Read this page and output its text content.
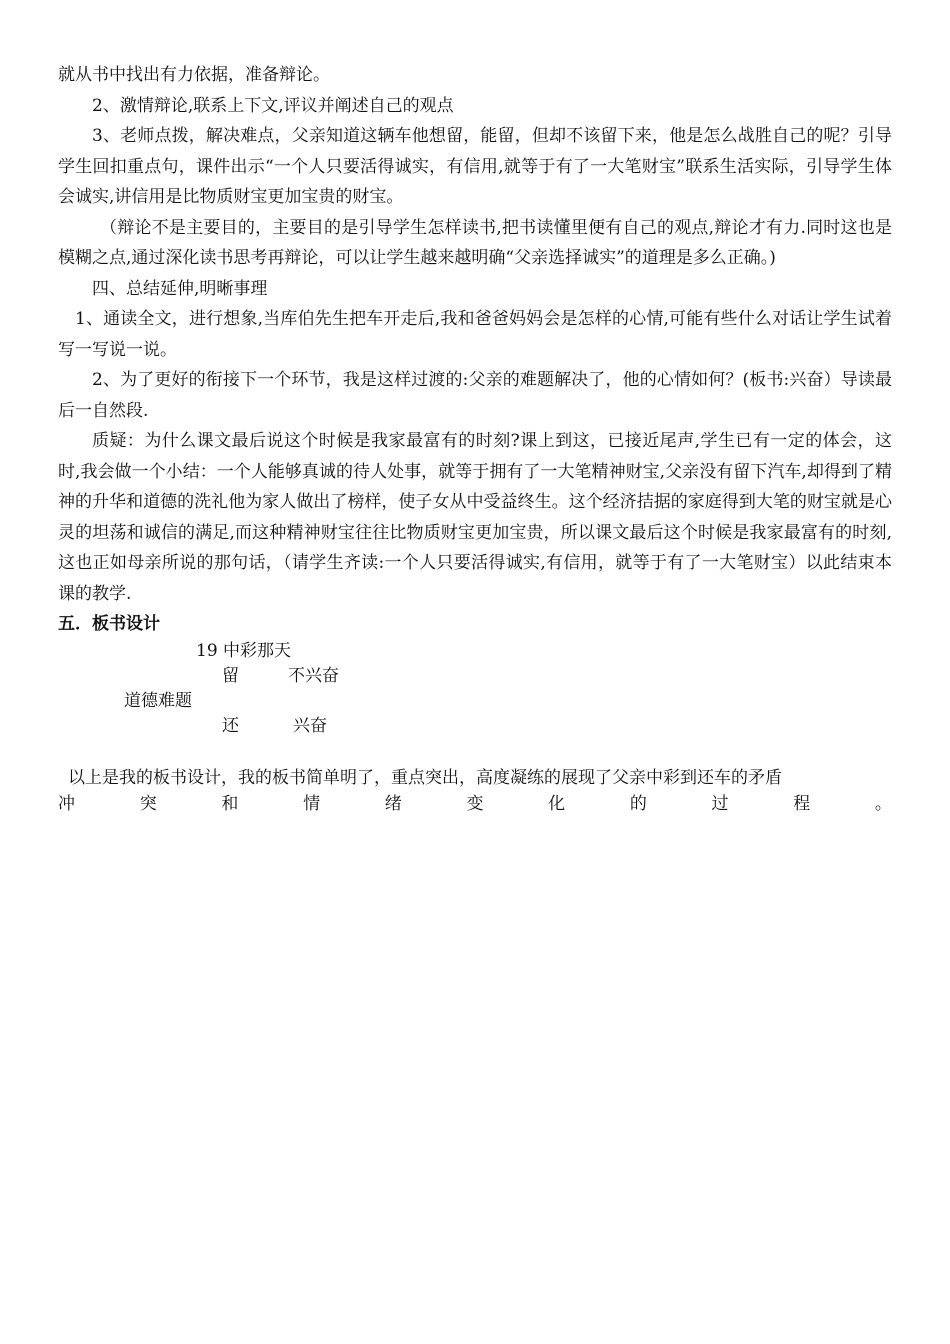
就从书中找出有力依据，准备辩论。

2、激情辩论,联系上下文,评议并阐述自己的观点

3、老师点拨，解决难点，父亲知道这辆车他想留，能留，但却不该留下来，他是怎么战胜自己的呢？引导学生回扣重点句，课件出示“一个人只要活得诚实，有信用,就等于有了一大笔财宝”联系生活实际，引导学生体会诚实,讲信用是比物质财宝更加宝贵的财宝。

（辩论不是主要目的，主要目的是引导学生怎样读书,把书读懂里便有自己的观点,辩论才有力.同时这也是模糊之点,通过深化读书思考再辩论，可以让学生越来越明确“父亲选择诚实”的道理是多么正确。)

四、总结延伸,明晰事理

1、通读全文，进行想象,当库伯先生把车开走后,我和爸爸妈妈会是怎样的心情,可能有些什么对话让学生试着写一写说一说。

2、为了更好的衔接下一个环节，我是这样过渡的:父亲的难题解决了，他的心情如何？(板书:兴奋）导读最后一自然段.

质疑：为什么课文最后说这个时候是我家最富有的时刻?课上到这，已接近尾声,学生已有一定的体会，这时,我会做一个小结：一个人能够真诚的待人处事，就等于拥有了一大笔精神财宝,父亲没有留下汽车,却得到了精神的升华和道德的洗礼他为家人做出了榜样，使子女从中受益终生。这个经济拮据的家庭得到大笔的财宝就是心灵的坦荡和诚信的满足,而这种精神财宝往往比物质财宝更加宝贵，所以课文最后这个时候是我家最富有的时刻,这也正如母亲所说的那句话，（请学生齐读:一个人只要活得诚实,有信用，就等于有了一大笔财宝）以此结束本课的教学.

五．板书设计

19 中彩那天
留	不兴奋
道德难题
还	兴奋
以上是我的板书设计，我的板书简单明了，重点突出，高度凝练的展现了父亲中彩到还车的矛盾
冲	突	和	情	绪	变	化	的	过	程	。
